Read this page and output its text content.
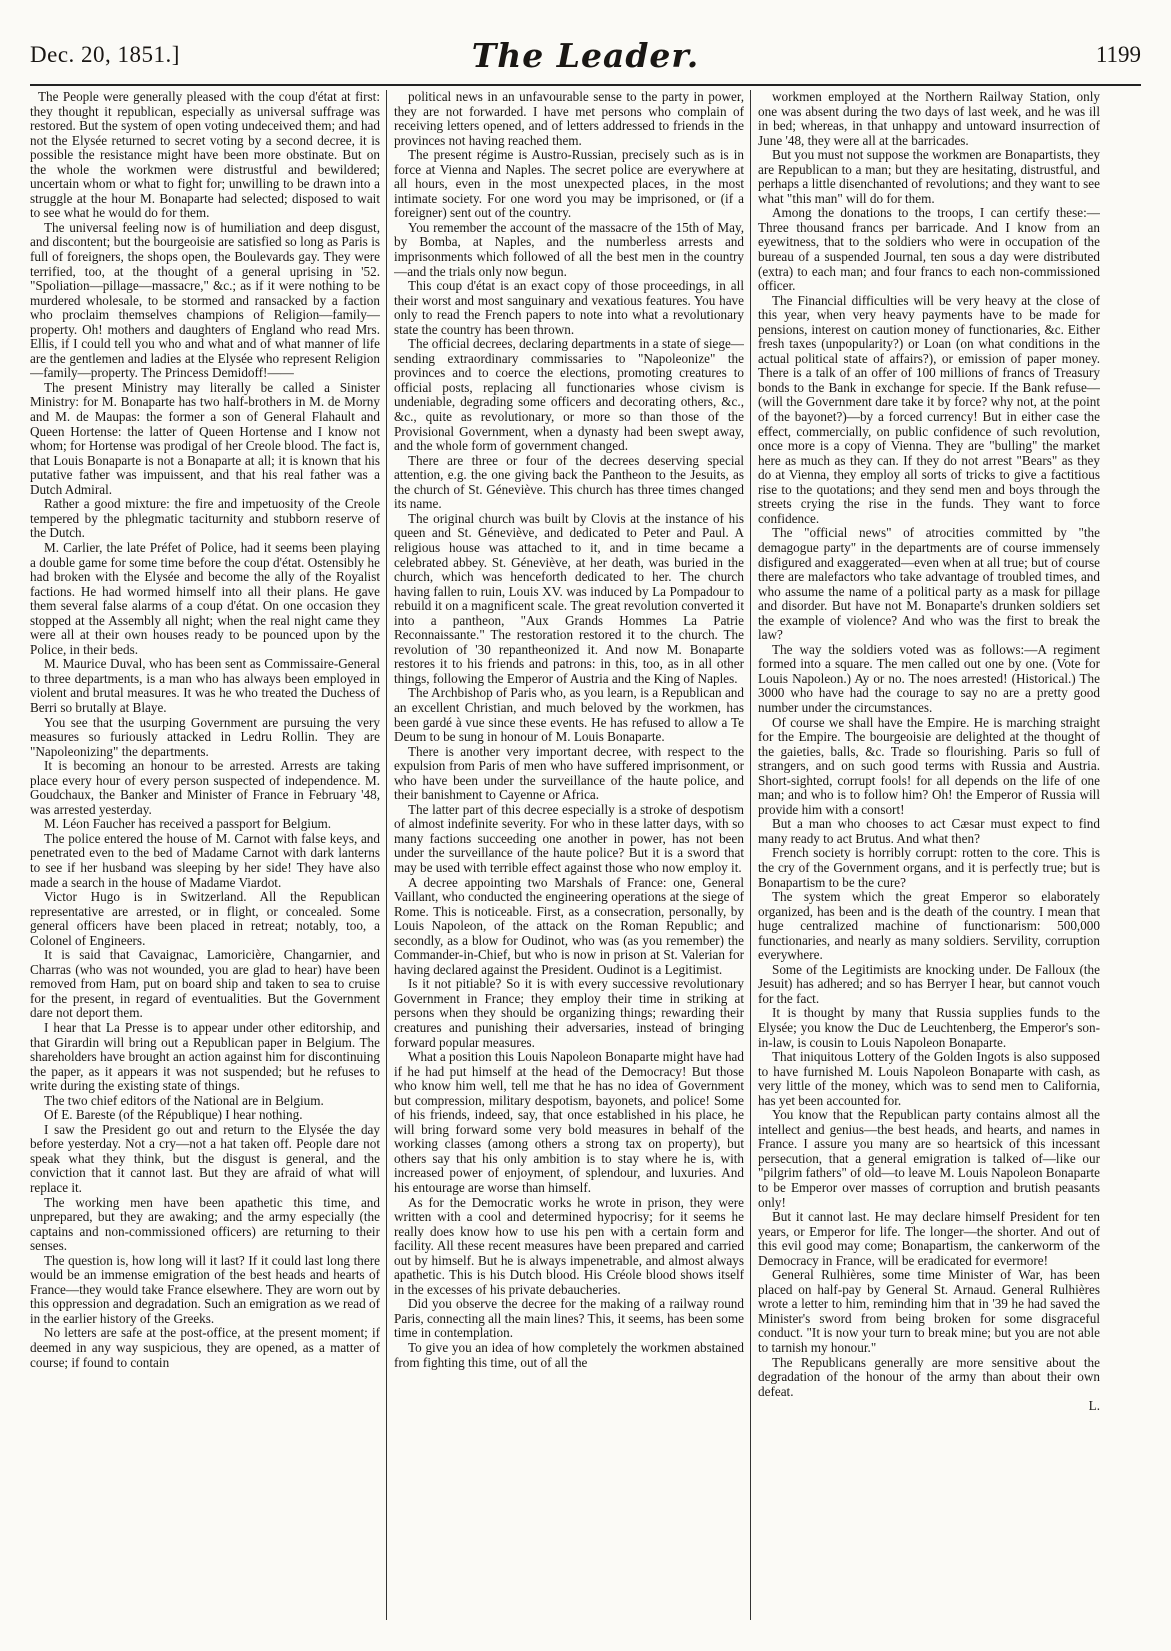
Dec. 20, 1851.]	The Leader.	1199

The People were generally pleased with the coup d'état at first: they thought it republican, especially as universal suffrage was restored. But the system of open voting undeceived them; and had not the Elysée returned to secret voting by a second decree, it is possible the resistance might have been more obstinate. But on the whole the workmen were distrustful and bewildered; uncertain whom or what to fight for; unwilling to be drawn into a struggle at the hour M. Bonaparte had selected; disposed to wait to see what he would do for them.

The universal feeling now is of humiliation and deep disgust, and discontent; but the bourgeoisie are satisfied so long as Paris is full of foreigners, the shops open, the Boulevards gay. They were terrified, too, at the thought of a general uprising in '52. "Spoliation—pillage—massacre," &c.; as if it were nothing to be murdered wholesale, to be stormed and ransacked by a faction who proclaim themselves champions of Religion—family—property. Oh! mothers and daughters of England who read Mrs. Ellis, if I could tell you who and what and of what manner of life are the gentlemen and ladies at the Elysée who represent Religion—family—property. The Princess Demidoff!——

The present Ministry may literally be called a Sinister Ministry: for M. Bonaparte has two half-brothers in M. de Morny and M. de Maupas: the former a son of General Flahault and Queen Hortense: the latter of Queen Hortense and I know not whom; for Hortense was prodigal of her Creole blood. The fact is, that Louis Bonaparte is not a Bonaparte at all; it is known that his putative father was impuissent, and that his real father was a Dutch Admiral.

Rather a good mixture: the fire and impetuosity of the Creole tempered by the phlegmatic taciturnity and stubborn reserve of the Dutch.

M. Carlier, the late Préfet of Police, had it seems been playing a double game for some time before the coup d'état. Ostensibly he had broken with the Elysée and become the ally of the Royalist factions. He had wormed himself into all their plans. He gave them several false alarms of a coup d'état. On one occasion they stopped at the Assembly all night; when the real night came they were all at their own houses ready to be pounced upon by the Police, in their beds.

M. Maurice Duval, who has been sent as Commissaire-General to three departments, is a man who has always been employed in violent and brutal measures. It was he who treated the Duchess of Berri so brutally at Blaye.

You see that the usurping Government are pursuing the very measures so furiously attacked in Ledru Rollin. They are "Napoleonizing" the departments.

It is becoming an honour to be arrested. Arrests are taking place every hour of every person suspected of independence. M. Goudchaux, the Banker and Minister of France in February '48, was arrested yesterday.

M. Léon Faucher has received a passport for Belgium.

The police entered the house of M. Carnot with false keys, and penetrated even to the bed of Madame Carnot with dark lanterns to see if her husband was sleeping by her side! They have also made a search in the house of Madame Viardot.

Victor Hugo is in Switzerland. All the Republican representative are arrested, or in flight, or concealed. Some general officers have been placed in retreat; notably, too, a Colonel of Engineers.

It is said that Cavaignac, Lamoricière, Changarnier, and Charras (who was not wounded, you are glad to hear) have been removed from Ham, put on board ship and taken to sea to cruise for the present, in regard of eventualities. But the Government dare not deport them.

I hear that La Presse is to appear under other editorship, and that Girardin will bring out a Republican paper in Belgium. The shareholders have brought an action against him for discontinuing the paper, as it appears it was not suspended; but he refuses to write during the existing state of things.

The two chief editors of the National are in Belgium.

Of E. Bareste (of the République) I hear nothing.

I saw the President go out and return to the Elysée the day before yesterday. Not a cry—not a hat taken off. People dare not speak what they think, but the disgust is general, and the conviction that it cannot last. But they are afraid of what will replace it.

The working men have been apathetic this time, and unprepared, but they are awaking; and the army especially (the captains and non-commissioned officers) are returning to their senses.

The question is, how long will it last? If it could last long there would be an immense emigration of the best heads and hearts of France—they would take France elsewhere. They are worn out by this oppression and degradation. Such an emigration as we read of in the earlier history of the Greeks.

No letters are safe at the post-office, at the present moment; if deemed in any way suspicious, they are opened, as a matter of course; if found to contain

political news in an unfavourable sense to the party in power, they are not forwarded. I have met persons who complain of receiving letters opened, and of letters addressed to friends in the provinces not having reached them.

The present régime is Austro-Russian, precisely such as is in force at Vienna and Naples. The secret police are everywhere at all hours, even in the most unexpected places, in the most intimate society. For one word you may be imprisoned, or (if a foreigner) sent out of the country.

You remember the account of the massacre of the 15th of May, by Bomba, at Naples, and the numberless arrests and imprisonments which followed of all the best men in the country—and the trials only now begun.

This coup d'état is an exact copy of those proceedings, in all their worst and most sanguinary and vexatious features. You have only to read the French papers to note into what a revolutionary state the country has been thrown.

The official decrees, declaring departments in a state of siege—sending extraordinary commissaries to "Napoleonize" the provinces and to coerce the elections, promoting creatures to official posts, replacing all functionaries whose civism is undeniable, degrading some officers and decorating others, &c., &c., quite as revolutionary, or more so than those of the Provisional Government, when a dynasty had been swept away, and the whole form of government changed.

There are three or four of the decrees deserving special attention, e.g. the one giving back the Pantheon to the Jesuits, as the church of St. Géneviève. This church has three times changed its name.

The original church was built by Clovis at the instance of his queen and St. Géneviève, and dedicated to Peter and Paul. A religious house was attached to it, and in time became a celebrated abbey. St. Géneviève, at her death, was buried in the church, which was henceforth dedicated to her. The church having fallen to ruin, Louis XV. was induced by La Pompadour to rebuild it on a magnificent scale. The great revolution converted it into a pantheon, "Aux Grands Hommes La Patrie Reconnaissante." The restoration restored it to the church. The revolution of '30 repantheonized it. And now M. Bonaparte restores it to his friends and patrons: in this, too, as in all other things, following the Emperor of Austria and the King of Naples.

The Archbishop of Paris who, as you learn, is a Republican and an excellent Christian, and much beloved by the workmen, has been gardé à vue since these events. He has refused to allow a Te Deum to be sung in honour of M. Louis Bonaparte.

There is another very important decree, with respect to the expulsion from Paris of men who have suffered imprisonment, or who have been under the surveillance of the haute police, and their banishment to Cayenne or Africa.

The latter part of this decree especially is a stroke of despotism of almost indefinite severity. For who in these latter days, with so many factions succeeding one another in power, has not been under the surveillance of the haute police? But it is a sword that may be used with terrible effect against those who now employ it.

A decree appointing two Marshals of France: one, General Vaillant, who conducted the engineering operations at the siege of Rome. This is noticeable. First, as a consecration, personally, by Louis Napoleon, of the attack on the Roman Republic; and secondly, as a blow for Oudinot, who was (as you remember) the Commander-in-Chief, but who is now in prison at St. Valerian for having declared against the President. Oudinot is a Legitimist.

Is it not pitiable? So it is with every successive revolutionary Government in France; they employ their time in striking at persons when they should be organizing things; rewarding their creatures and punishing their adversaries, instead of bringing forward popular measures.

What a position this Louis Napoleon Bonaparte might have had if he had put himself at the head of the Democracy! But those who know him well, tell me that he has no idea of Government but compression, military despotism, bayonets, and police! Some of his friends, indeed, say, that once established in his place, he will bring forward some very bold measures in behalf of the working classes (among others a strong tax on property), but others say that his only ambition is to stay where he is, with increased power of enjoyment, of splendour, and luxuries. And his entourage are worse than himself.

As for the Democratic works he wrote in prison, they were written with a cool and determined hypocrisy; for it seems he really does know how to use his pen with a certain form and facility. All these recent measures have been prepared and carried out by himself. But he is always impenetrable, and almost always apathetic. This is his Dutch blood. His Créole blood shows itself in the excesses of his private debaucheries.

Did you observe the decree for the making of a railway round Paris, connecting all the main lines? This, it seems, has been some time in contemplation.

To give you an idea of how completely the workmen abstained from fighting this time, out of all the

workmen employed at the Northern Railway Station, only one was absent during the two days of last week, and he was ill in bed; whereas, in that unhappy and untoward insurrection of June '48, they were all at the barricades.

But you must not suppose the workmen are Bonapartists, they are Republican to a man; but they are hesitating, distrustful, and perhaps a little disenchanted of revolutions; and they want to see what "this man" will do for them.

Among the donations to the troops, I can certify these:—Three thousand francs per barricade. And I know from an eyewitness, that to the soldiers who were in occupation of the bureau of a suspended Journal, ten sous a day were distributed (extra) to each man; and four francs to each non-commissioned officer.

The Financial difficulties will be very heavy at the close of this year, when very heavy payments have to be made for pensions, interest on caution money of functionaries, &c. Either fresh taxes (unpopularity?) or Loan (on what conditions in the actual political state of affairs?), or emission of paper money. There is a talk of an offer of 100 millions of francs of Treasury bonds to the Bank in exchange for specie. If the Bank refuse—(will the Government dare take it by force? why not, at the point of the bayonet?)—by a forced currency! But in either case the effect, commercially, on public confidence of such revolution, once more is a copy of Vienna. They are "bulling" the market here as much as they can. If they do not arrest "Bears" as they do at Vienna, they employ all sorts of tricks to give a factitious rise to the quotations; and they send men and boys through the streets crying the rise in the funds. They want to force confidence.

The "official news" of atrocities committed by "the demagogue party" in the departments are of course immensely disfigured and exaggerated—even when at all true; but of course there are malefactors who take advantage of troubled times, and who assume the name of a political party as a mask for pillage and disorder. But have not M. Bonaparte's drunken soldiers set the example of violence? And who was the first to break the law?

The way the soldiers voted was as follows:—A regiment formed into a square. The men called out one by one. (Vote for Louis Napoleon.) Ay or no. The noes arrested! (Historical.) The 3000 who have had the courage to say no are a pretty good number under the circumstances.

Of course we shall have the Empire. He is marching straight for the Empire. The bourgeoisie are delighted at the thought of the gaieties, balls, &c. Trade so flourishing. Paris so full of strangers, and on such good terms with Russia and Austria. Short-sighted, corrupt fools! for all depends on the life of one man; and who is to follow him? Oh! the Emperor of Russia will provide him with a consort!

But a man who chooses to act Cæsar must expect to find many ready to act Brutus. And what then?

French society is horribly corrupt: rotten to the core. This is the cry of the Government organs, and it is perfectly true; but is Bonapartism to be the cure?

The system which the great Emperor so elaborately organized, has been and is the death of the country. I mean that huge centralized machine of functionarism: 500,000 functionaries, and nearly as many soldiers. Servility, corruption everywhere.

Some of the Legitimists are knocking under. De Falloux (the Jesuit) has adhered; and so has Berryer I hear, but cannot vouch for the fact.

It is thought by many that Russia supplies funds to the Elysée; you know the Duc de Leuchtenberg, the Emperor's son-in-law, is cousin to Louis Napoleon Bonaparte.

That iniquitous Lottery of the Golden Ingots is also supposed to have furnished M. Louis Napoleon Bonaparte with cash, as very little of the money, which was to send men to California, has yet been accounted for.

You know that the Republican party contains almost all the intellect and genius—the best heads, and hearts, and names in France. I assure you many are so heartsick of this incessant persecution, that a general emigration is talked of—like our "pilgrim fathers" of old—to leave M. Louis Napoleon Bonaparte to be Emperor over masses of corruption and brutish peasants only!

But it cannot last. He may declare himself President for ten years, or Emperor for life. The longer—the shorter. And out of this evil good may come; Bonapartism, the cankerworm of the Democracy in France, will be eradicated for evermore!

General Rulhières, some time Minister of War, has been placed on half-pay by General St. Arnaud. General Rulhières wrote a letter to him, reminding him that in '39 he had saved the Minister's sword from being broken for some disgraceful conduct. "It is now your turn to break mine; but you are not able to tarnish my honour."

The Republicans generally are more sensitive about the degradation of the honour of the army than about their own defeat.

L.
